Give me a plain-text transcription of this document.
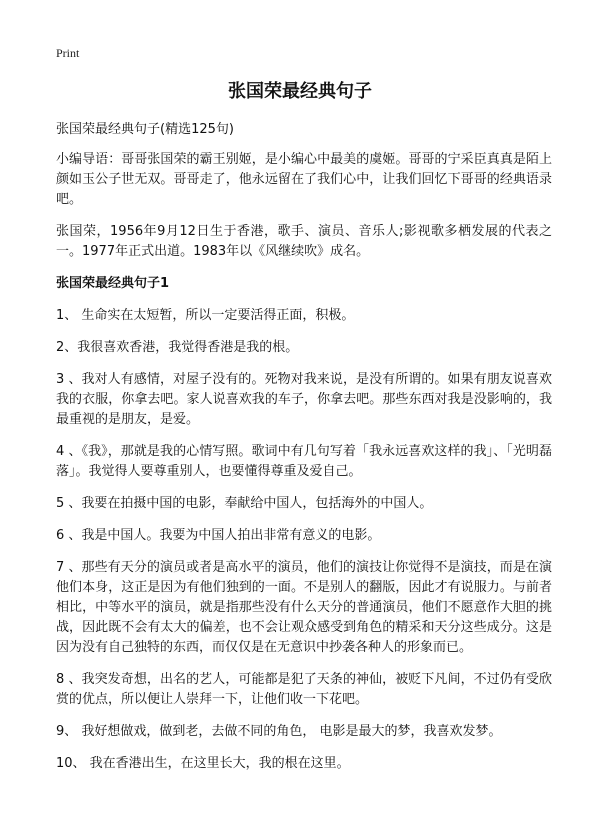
Print
张国荣最经典句子

张国荣最经典句子(精选125句)

小编导语：哥哥张国荣的霸王别姬，是小编心中最美的虞姬。哥哥的宁采臣真真是陌上颜如玉公子世无双。哥哥走了，他永远留在了我们心中，让我们回忆下哥哥的经典语录吧。

张国荣，1956年9月12日生于香港，歌手、演员、音乐人;影视歌多栖发展的代表之一。1977年正式出道。1983年以《风继续吹》成名。

张国荣最经典句子1

1、 生命实在太短暂，所以一定要活得正面，积极。

2、我很喜欢香港，我觉得香港是我的根。

3 、我对人有感情，对屋子没有的。死物对我来说，是没有所谓的。如果有朋友说喜欢我的衣服，你拿去吧。家人说喜欢我的车子，你拿去吧。那些东西对我是没影响的，我最重视的是朋友，是爱。

4 、《我》，那就是我的心情写照。歌词中有几句写着「我永远喜欢这样的我」、「光明磊落」。我觉得人要尊重别人，也要懂得尊重及爱自己。

5 、我要在拍摄中国的电影，奉献给中国人，包括海外的中国人。

6 、我是中国人。我要为中国人拍出非常有意义的电影。

7 、那些有天分的演员或者是高水平的演员，他们的演技让你觉得不是演技，而是在演他们本身，这正是因为有他们独到的一面。不是别人的翻版，因此才有说服力。与前者相比，中等水平的演员，就是指那些没有什么天分的普通演员，他们不愿意作大胆的挑战，因此既不会有太大的偏差，也不会让观众感受到角色的精采和天分这些成分。这是因为没有自己独特的东西，而仅仅是在无意识中抄袭各种人的形象而已。

8 、我突发奇想，出名的艺人，可能都是犯了天条的神仙，被贬下凡间，不过仍有受欣赏的优点，所以便让人崇拜一下，让他们收一下花吧。

9、 我好想做戏，做到老，去做不同的角色， 电影是最大的梦，我喜欢发梦。

10、 我在香港出生，在这里长大，我的根在这里。
